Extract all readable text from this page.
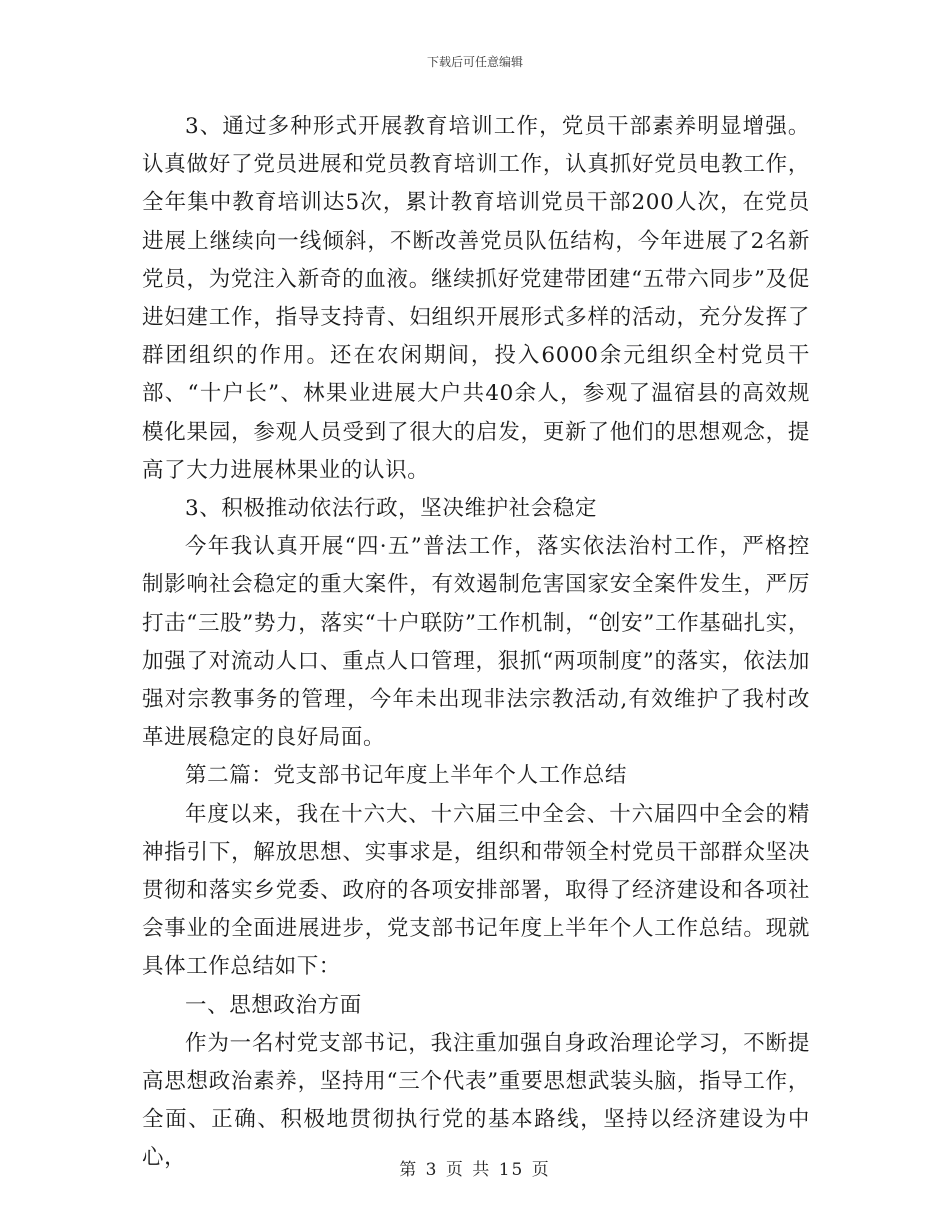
下载后可任意编辑

3、通过多种形式开展教育培训工作，党员干部素养明显增强。认真做好了党员进展和党员教育培训工作，认真抓好党员电教工作，全年集中教育培训达5次，累计教育培训党员干部200人次，在党员进展上继续向一线倾斜，不断改善党员队伍结构，今年进展了2名新党员，为党注入新奇的血液。继续抓好党建带团建“五带六同步”及促进妇建工作，指导支持青、妇组织开展形式多样的活动，充分发挥了群团组织的作用。还在农闲期间，投入6000余元组织全村党员干部、“十户长”、林果业进展大户共40余人，参观了温宿县的高效规模化果园，参观人员受到了很大的启发，更新了他们的思想观念，提高了大力进展林果业的认识。

3、积极推动依法行政，坚决维护社会稳定

今年我认真开展“四·五”普法工作，落实依法治村工作，严格控制影响社会稳定的重大案件，有效遏制危害国家安全案件发生，严厉打击“三股”势力，落实“十户联防”工作机制，“创安”工作基础扎实，加强了对流动人口、重点人口管理，狠抓“两项制度”的落实，依法加强对宗教事务的管理，今年未出现非法宗教活动,有效维护了我村改革进展稳定的良好局面。

第二篇：党支部书记年度上半年个人工作总结

年度以来，我在十六大、十六届三中全会、十六届四中全会的精神指引下，解放思想、实事求是，组织和带领全村党员干部群众坚决贯彻和落实乡党委、政府的各项安排部署，取得了经济建设和各项社会事业的全面进展进步，党支部书记年度上半年个人工作总结。现就具体工作总结如下：

一、思想政治方面

作为一名村党支部书记，我注重加强自身政治理论学习，不断提高思想政治素养，坚持用“三个代表”重要思想武装头脑，指导工作，全面、正确、积极地贯彻执行党的基本路线，坚持以经济建设为中心，	第 3 页 共 15 页
